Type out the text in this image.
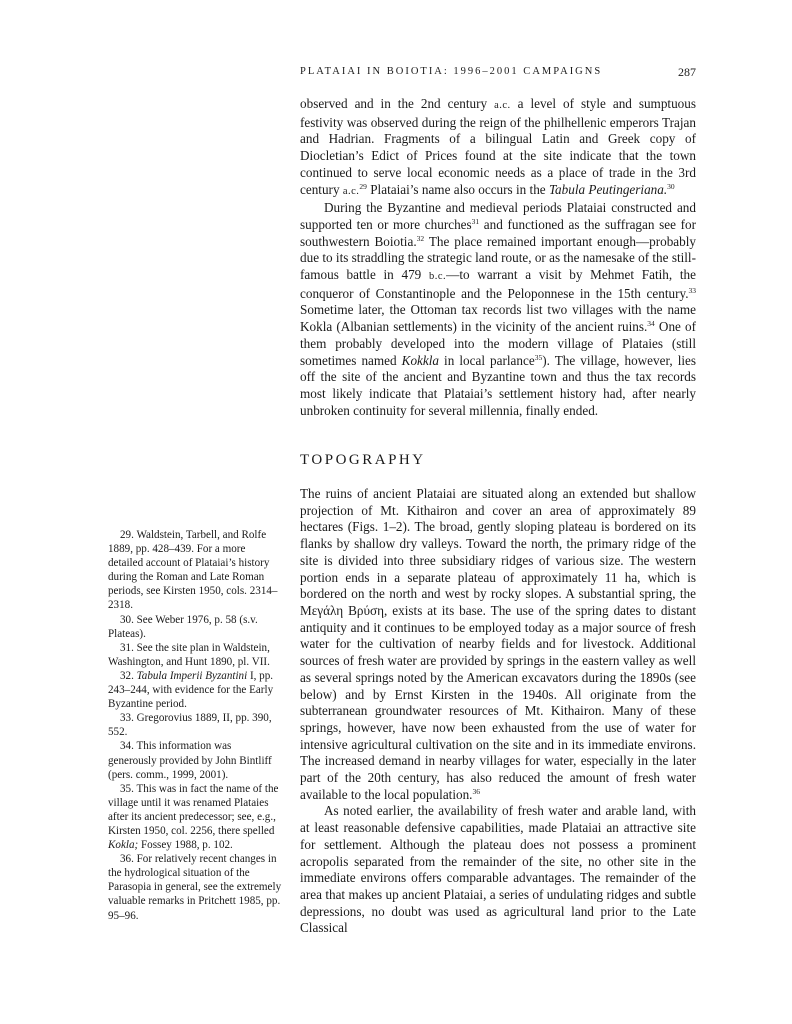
PLATAIAI IN BOIOTIA: 1996–2001 CAMPAIGNS	287

observed and in the 2nd century a.c. a level of style and sumptuous festivity was observed during the reign of the philhellenic emperors Trajan and Hadrian. Fragments of a bilingual Latin and Greek copy of Diocletian’s Edict of Prices found at the site indicate that the town continued to serve local economic needs as a place of trade in the 3rd century a.c.$^{29}$ Plataiai’s name also occurs in the Tabula Peutingeriana.$^{30}$

During the Byzantine and medieval periods Plataiai constructed and supported ten or more churches$^{31}$ and functioned as the suffragan see for southwestern Boiotia.$^{32}$ The place remained important enough—probably due to its straddling the strategic land route, or as the namesake of the still-famous battle in 479 b.c.—to warrant a visit by Mehmet Fatih, the conqueror of Constantinople and the Peloponnese in the 15th century.$^{33}$ Sometime later, the Ottoman tax records list two villages with the name Kokla (Albanian settlements) in the vicinity of the ancient ruins.$^{34}$ One of them probably developed into the modern village of Plataies (still sometimes named Kokkla in local parlance$^{35}$). The village, however, lies off the site of the ancient and Byzantine town and thus the tax records most likely indicate that Plataiai’s settlement history had, after nearly unbroken continuity for several millennia, finally ended.

TOPOGRAPHY

The ruins of ancient Plataiai are situated along an extended but shallow projection of Mt. Kithairon and cover an area of approximately 89 hectares (Figs. 1–2). The broad, gently sloping plateau is bordered on its flanks by shallow dry valleys. Toward the north, the primary ridge of the site is divided into three subsidiary ridges of various size. The western portion ends in a separate plateau of approximately 11 ha, which is bordered on the north and west by rocky slopes. A substantial spring, the Μεγάλη Βρύση, exists at its base. The use of the spring dates to distant antiquity and it continues to be employed today as a major source of fresh water for the cultivation of nearby fields and for livestock. Additional sources of fresh water are provided by springs in the eastern valley as well as several springs noted by the American excavators during the 1890s (see below) and by Ernst Kirsten in the 1940s. All originate from the subterranean groundwater resources of Mt. Kithairon. Many of these springs, however, have now been exhausted from the use of water for intensive agricultural cultivation on the site and in its immediate environs. The increased demand in nearby villages for water, especially in the later part of the 20th century, has also reduced the amount of fresh water available to the local population.$^{36}$

As noted earlier, the availability of fresh water and arable land, with at least reasonable defensive capabilities, made Plataiai an attractive site for settlement. Although the plateau does not possess a prominent acropolis separated from the remainder of the site, no other site in the immediate environs offers comparable advantages. The remainder of the area that makes up ancient Plataiai, a series of undulating ridges and subtle depressions, no doubt was used as agricultural land prior to the Late Classical

29. Waldstein, Tarbell, and Rolfe 1889, pp. 428–439. For a more detailed account of Plataiai’s history during the Roman and Late Roman periods, see Kirsten 1950, cols. 2314–2318.

30. See Weber 1976, p. 58 (s.v. Plateas).

31. See the site plan in Waldstein, Washington, and Hunt 1890, pl. VII.

32. Tabula Imperii Byzantini I, pp. 243–244, with evidence for the Early Byzantine period.

33. Gregorovius 1889, II, pp. 390, 552.

34. This information was generously provided by John Bintliff (pers. comm., 1999, 2001).

35. This was in fact the name of the village until it was renamed Plataies after its ancient predecessor; see, e.g., Kirsten 1950, col. 2256, there spelled Kokla; Fossey 1988, p. 102.

36. For relatively recent changes in the hydrological situation of the Parasopia in general, see the extremely valuable remarks in Pritchett 1985, pp. 95–96.
